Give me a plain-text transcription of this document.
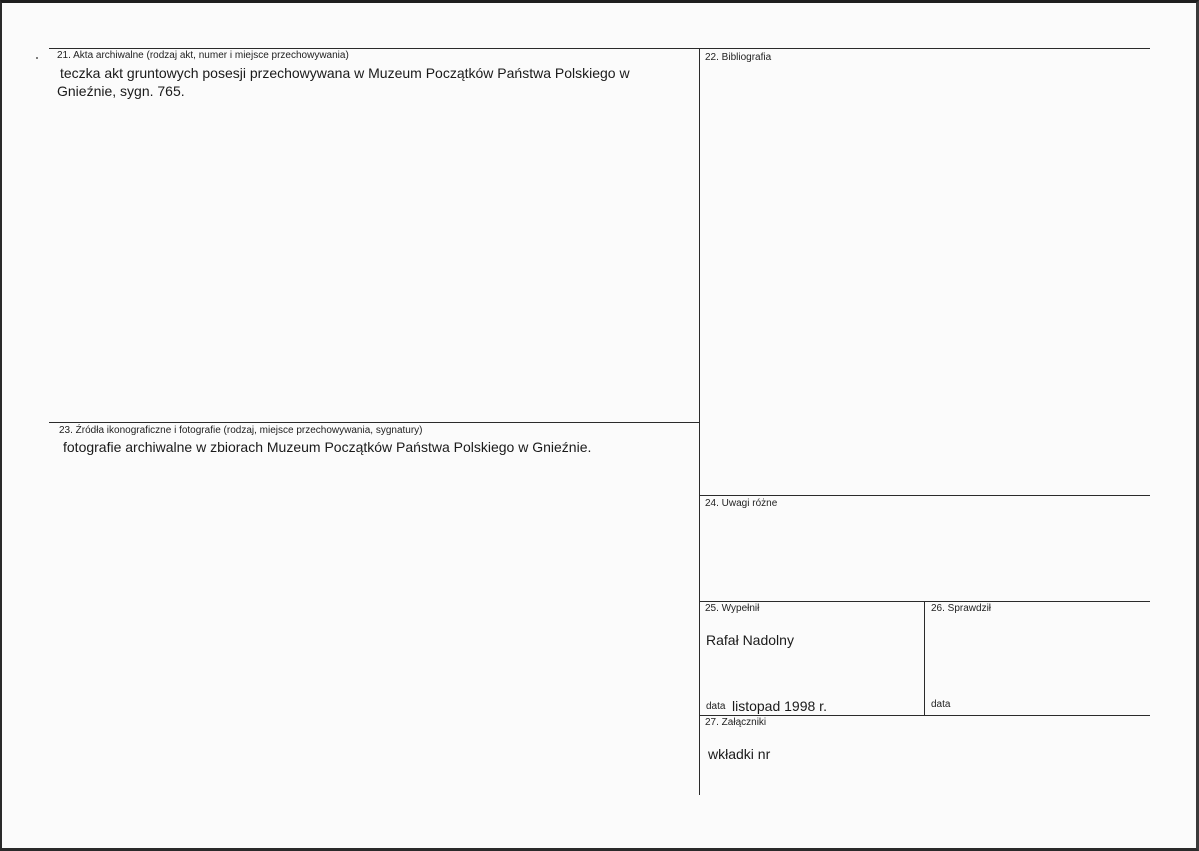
21. Akta archiwalne (rodzaj akt, numer i miejsce przechowywania)
teczka akt gruntowych posesji przechowywana w Muzeum Początków Państwa Polskiego w
Gnieźnie, sygn. 765.
22. Bibliografia
23. Źródła ikonograficzne i fotografie (rodzaj, miejsce przechowywania, sygnatury)
fotografie archiwalne w zbiorach Muzeum Początków Państwa Polskiego w Gnieźnie.
24. Uwagi różne
25. Wypełnił
Rafał Nadolny
data listopad 1998 r.
26. Sprawdził
data
27. Załączniki
wkładki nr
